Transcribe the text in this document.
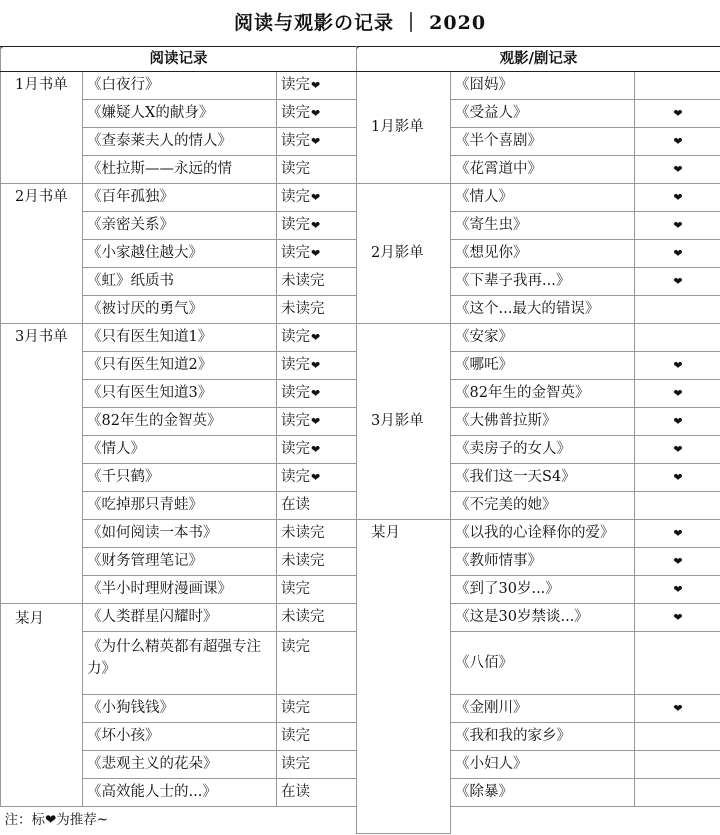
阅读与观影の记录 ｜ 2020
阅读记录			观影/剧记录		
1月书单	《白夜行》	读完❤	1月影单	《囧妈》	
	《嫌疑人X的献身》	读完❤		《受益人》	❤
	《查泰莱夫人的情人》	读完❤		《半个喜剧》	❤
	《杜拉斯——永远的情	读完		《花霄道中》	❤
2月书单	《百年孤独》	读完❤	2月影单	《情人》	❤
	《亲密关系》	读完❤		《寄生虫》	❤
	《小家越住越大》	读完❤		《想见你》	❤
	《虹》纸质书	未读完		《下辈子我再...》	❤
	《被讨厌的勇气》	未读完		《这个...最大的错误》	
3月书单	《只有医生知道1》	读完❤	3月影单	《安家》	
	《只有医生知道2》	读完❤		《哪吒》	❤
	《只有医生知道3》	读完❤		《82年生的金智英》	❤
	《82年生的金智英》	读完❤		《大佛普拉斯》	❤
	《情人》	读完❤		《卖房子的女人》	❤
	《千只鹤》	读完❤		《我们这一天S4》	❤
	《吃掉那只青蛙》	在读		《不完美的她》	
	《如何阅读一本书》	未读完	某月	《以我的心诠释你的爱》	❤
	《财务管理笔记》	未读完		《教师情事》	❤
	《半小时理财漫画课》	读完		《到了30岁...》	❤
某月	《人类群星闪耀时》	未读完		《这是30岁禁谈...》	❤
	《为什么精英都有超强专注力》	读完		《八佰》	
	《小狗钱钱》	读完		《金刚川》	❤
	《坏小孩》	读完		《我和我的家乡》	
	《悲观主义的花朵》	读完		《小妇人》	
	《高效能人士的...》	在读		《除暴》	
注：标❤为推荐~					
